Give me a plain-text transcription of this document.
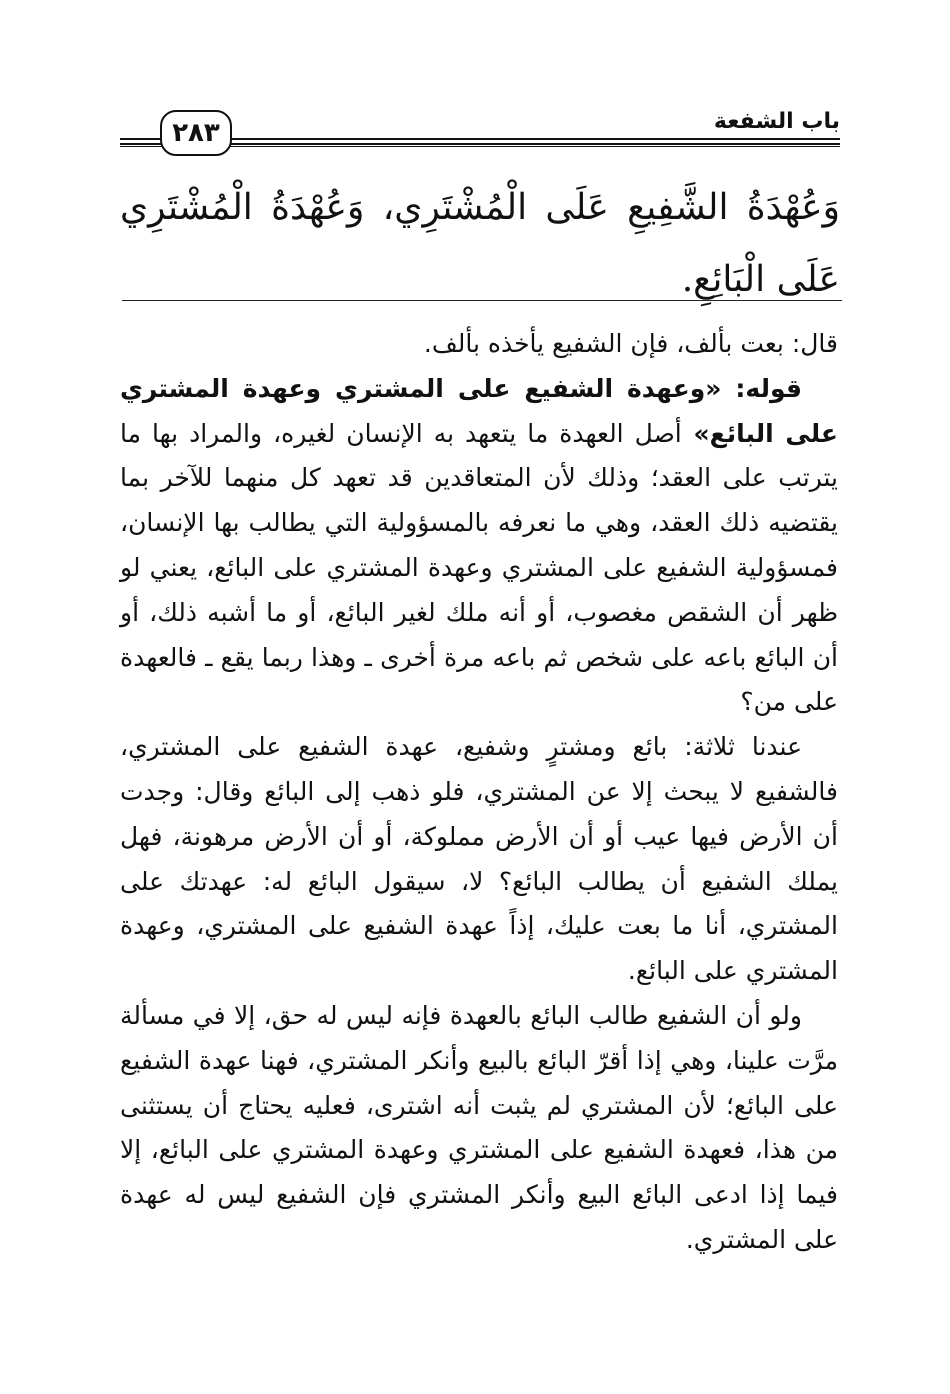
باب الشفعة
٢٨٣

وَعُهْدَةُ الشَّفِيعِ عَلَى الْمُشْتَرِي، وَعُهْدَةُ الْمُشْتَرِي عَلَى الْبَائِعِ.

قال: بعت بألف، فإن الشفيع يأخذه بألف.

قوله: «وعهدة الشفيع على المشتري وعهدة المشتري على البائع» أصل العهدة ما يتعهد به الإنسان لغيره، والمراد بها ما يترتب على العقد؛ وذلك لأن المتعاقدين قد تعهد كل منهما للآخر بما يقتضيه ذلك العقد، وهي ما نعرفه بالمسؤولية التي يطالب بها الإنسان، فمسؤولية الشفيع على المشتري وعهدة المشتري على البائع، يعني لو ظهر أن الشقص مغصوب، أو أنه ملك لغير البائع، أو ما أشبه ذلك، أو أن البائع باعه على شخص ثم باعه مرة أخرى ـ وهذا ربما يقع ـ فالعهدة على من؟

عندنا ثلاثة: بائع ومشترٍ وشفيع، عهدة الشفيع على المشتري، فالشفيع لا يبحث إلا عن المشتري، فلو ذهب إلى البائع وقال: وجدت أن الأرض فيها عيب أو أن الأرض مملوكة، أو أن الأرض مرهونة، فهل يملك الشفيع أن يطالب البائع؟ لا، سيقول البائع له: عهدتك على المشتري، أنا ما بعت عليك، إذاً عهدة الشفيع على المشتري، وعهدة المشتري على البائع.

ولو أن الشفيع طالب البائع بالعهدة فإنه ليس له حق، إلا في مسألة مرَّت علينا، وهي إذا أقرّ البائع بالبيع وأنكر المشتري، فهنا عهدة الشفيع على البائع؛ لأن المشتري لم يثبت أنه اشترى، فعليه يحتاج أن يستثنى من هذا، فعهدة الشفيع على المشتري وعهدة المشتري على البائع، إلا فيما إذا ادعى البائع البيع وأنكر المشتري فإن الشفيع ليس له عهدة على المشتري.
